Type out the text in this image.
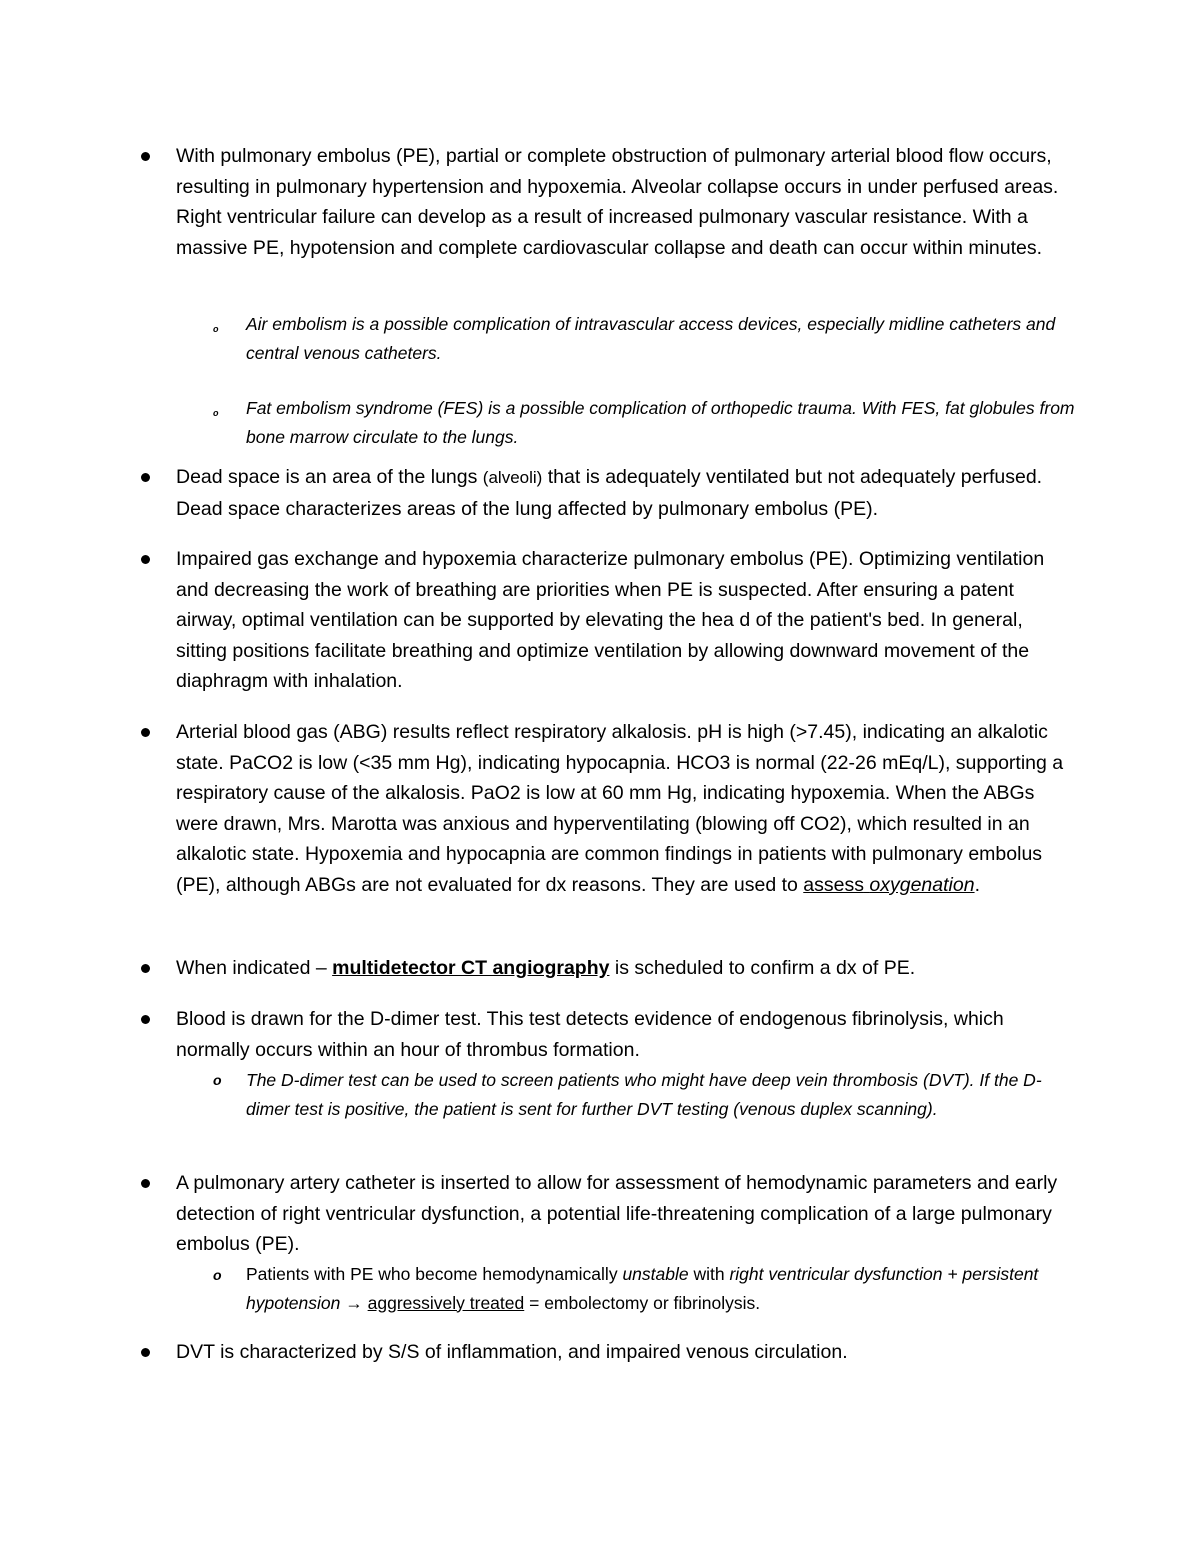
With pulmonary embolus (PE), partial or complete obstruction of pulmonary arterial blood flow occurs, resulting in pulmonary hypertension and hypoxemia. Alveolar collapse occurs in under perfused areas. Right ventricular failure can develop as a result of increased pulmonary vascular resistance. With a massive PE, hypotension and complete cardiovascular collapse and death can occur within minutes.
o Air embolism is a possible complication of intravascular access devices, especially midline catheters and central venous catheters.
o Fat embolism syndrome (FES) is a possible complication of orthopedic trauma. With FES, fat globules from bone marrow circulate to the lungs.
Dead space is an area of the lungs (alveoli) that is adequately ventilated but not adequately perfused. Dead space characterizes areas of the lung affected by pulmonary embolus (PE).
Impaired gas exchange and hypoxemia characterize pulmonary embolus (PE). Optimizing ventilation and decreasing the work of breathing are priorities when PE is suspected. After ensuring a patent airway, optimal ventilation can be supported by elevating the hea d of the patient's bed. In general, sitting positions facilitate breathing and optimize ventilation by allowing downward movement of the diaphragm with inhalation.
Arterial blood gas (ABG) results reflect respiratory alkalosis. pH is high (>7.45), indicating an alkalotic state. PaCO2 is low (<35 mm Hg), indicating hypocapnia. HCO3 is normal (22-26 mEq/L), supporting a respiratory cause of the alkalosis. PaO2 is low at 60 mm Hg, indicating hypoxemia. When the ABGs were drawn, Mrs. Marotta was anxious and hyperventilating (blowing off CO2), which resulted in an alkalotic state. Hypoxemia and hypocapnia are common findings in patients with pulmonary embolus (PE), although ABGs are not evaluated for dx reasons. They are used to assess oxygenation.
When indicated – multidetector CT angiography is scheduled to confirm a dx of PE.
Blood is drawn for the D-dimer test. This test detects evidence of endogenous fibrinolysis, which normally occurs within an hour of thrombus formation.
o The D-dimer test can be used to screen patients who might have deep vein thrombosis (DVT). If the D-dimer test is positive, the patient is sent for further DVT testing (venous duplex scanning).
A pulmonary artery catheter is inserted to allow for assessment of hemodynamic parameters and early detection of right ventricular dysfunction, a potential life-threatening complication of a large pulmonary embolus (PE).
o Patients with PE who become hemodynamically unstable with right ventricular dysfunction + persistent hypotension → aggressively treated = embolectomy or fibrinolysis.
DVT is characterized by S/S of inflammation, and impaired venous circulation.
